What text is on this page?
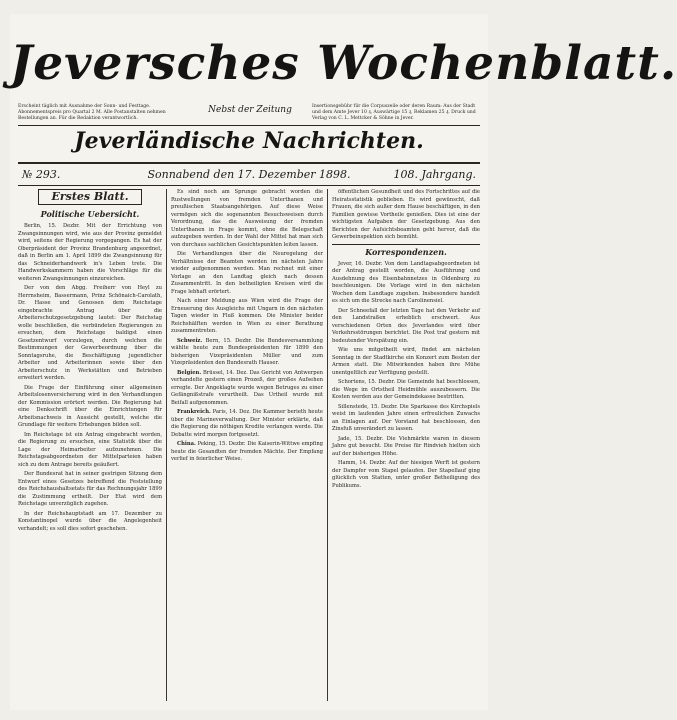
Jeversches Wochenblatt.
Erscheint täglich mit Ausnahme der Sonn- und Festtage. Abonnementspreis pro Quartal 2 M. Alle Postanstalten nehmen Bestellungen an. Für die Redaktion verantwortlich.
Nebst der Zeitung	Insertionsgebühr für die Corpuszeile oder deren Raum: Aus der Stadt und dem Amte Jever 10 ₰, Auswärtige 15 ₰, Reklamen 25 ₰. Druck und Verlag von C. L. Mettcker & Söhne in Jever.
Jeverländische Nachrichten.
№ 293.	Sonnabend den 17. Dezember 1898.	108. Jahrgang.
Erstes Blatt.
Politische Uebersicht.

Berlin, 15. Dezbr. Mit der Errichtung von Zwangsinnungen wird, wie aus der Provinz gemeldet wird, seitens der Regierung vorgegangen. Es hat der Oberpräsident der Provinz Brandenburg angeordnet, daß in Berlin am 1. April 1899 die Zwangsinnung für das Schneiderhandwerk in's Leben trete. Die Handwerkskammern haben die Vorschläge für die weiteren Zwangsinnungen einzureichen.

Der von den Abgg. Freiherr von Heyl zu Herrnsheim, Bassermann, Prinz Schönaich-Carolath, Dr. Hasse und Genossen dem Reichstage eingebrachte Antrag über die Arbeiterschutzgesetzgebung lautet: Der Reichstag wolle beschließen, die verbündeten Regierungen zu ersuchen, dem Reichstage baldigst einen Gesetzentwurf vorzulegen, durch welchen die Bestimmungen der Gewerbeordnung über die Sonntagsruhe, die Beschäftigung jugendlicher Arbeiter und Arbeiterinnen sowie über den Arbeiterschutz in Werkstätten und Betrieben erweitert werden.

Die Frage der Einführung einer allgemeinen Arbeitslosenversicherung wird in den Verhandlungen der Kommission erörtert werden. Die Regierung hat eine Denkschrift über die Einrichtungen für Arbeitsnachweis in Aussicht gestellt, welche die Grundlage für weitere Erhebungen bilden soll.

Im Reichstage ist ein Antrag eingebracht worden, die Regierung zu ersuchen, eine Statistik über die Lage der Heimarbeiter aufzunehmen. Die Reichstagsabgeordneten der Mittelparteien haben sich zu dem Antrage bereits geäußert.

Der Bundesrat hat in seiner gestrigen Sitzung dem Entwurf eines Gesetzes betreffend die Feststellung des Reichshaushaltsetats für das Rechnungsjahr 1899 die Zustimmung ertheilt. Der Etat wird dem Reichstage unverzüglich zugehen.

In der Reichshauptstadt am 17. Dezember zu Konstantinopel wurde über die Angelegenheit verhandelt; es soll dies sofort geschehen.

Es sind noch am Sprunge gebracht worden die Rustwellungen von fremden Unterthanen und preußischen Staatsangehörigen. Auf diese Weise vermögen sich die sogenannten Besuchsweisen durch Verordnung, das die Ausweisung der fremden Unterthanen in Frage kommt, ohne die Belegschaft aufzugeben werden. In der Wahl der Mittel hat man sich von durchaus sachlichen Gesichtspunkten leiten lassen.

Die Verhandlungen über die Neuregelung der Verhältnisse der Beamten werden im nächsten Jahre wieder aufgenommen werden. Man rechnet mit einer Vorlage an den Landtag gleich nach dessen Zusammentritt. In den betheiligten Kreisen wird die Frage lebhaft erörtert.

Nach einer Meldung aus Wien wird die Frage der Erneuerung des Ausgleichs mit Ungarn in den nächsten Tagen wieder in Fluß kommen. Die Minister beider Reichshälften werden in Wien zu einer Berathung zusammentreten.

Schweiz. Bern, 15. Dezbr. Die Bundesversammlung wählte heute zum Bundespräsidenten für 1899 den bisherigen Vizepräsidenten Müller und zum Vizepräsidenten den Bundesrath Hauser.

Belgien. Brüssel, 14. Dez. Das Gericht von Antwerpen verhandelte gestern einen Prozeß, der großes Aufsehen erregte. Der Angeklagte wurde wegen Betruges zu einer Gefängnißstrafe verurtheilt. Das Urtheil wurde mit Beifall aufgenommen.

Frankreich. Paris, 14. Dez. Die Kammer berieth heute über die Marineverwaltung. Der Minister erklärte, daß die Regierung die nöthigen Kredite verlangen werde. Die Debatte wird morgen fortgesetzt.

China. Peking, 15. Dezbr. Die Kaiserin-Wittwe empfing heute die Gesandten der fremden Mächte. Der Empfang verlief in feierlicher Weise.

öffentlichen Gesundheit und des Fortschrittes auf die Heiratsstatistik geblieben. Es wird gewünscht, daß Frauen, die sich außer dem Hause beschäftigen, in den Familien gewisse Vortheile genießen. Dies ist eine der wichtigsten Aufgaben der Gesetzgebung. Aus den Berichten der Aufsichtsbeamten geht hervor, daß die Gewerbeinspektion sich bemüht.

Korrespondenzen.

Jever, 16. Dezbr. Von dem Landtagsabgeordneten ist der Antrag gestellt worden, die Ausführung und Ausdehnung des Eisenbahnnetzes in Oldenburg zu beschleunigen. Die Vorlage wird in den nächsten Wochen dem Landtage zugehen. Insbesondere handelt es sich um die Strecke nach Carolinensiel.

Der Schneefall der letzten Tage hat den Verkehr auf den Landstraßen erheblich erschwert. Aus verschiedenen Orten des Jeverlandes wird über Verkehrsstörungen berichtet. Die Post traf gestern mit bedeutender Verspätung ein.

Wie uns mitgetheilt wird, findet am nächsten Sonntag in der Stadtkirche ein Konzert zum Besten der Armen statt. Die Mitwirkenden haben ihre Mühe unentgeltlich zur Verfügung gestellt.

Schortens, 15. Dezbr. Die Gemeinde hat beschlossen, die Wege im Ortstheil Heidmühle auszubessern. Die Kosten werden aus der Gemeindekasse bestritten.

Sillenstede, 15. Dezbr. Die Sparkasse des Kirchspiels weist im laufenden Jahre einen erfreulichen Zuwachs an Einlagen auf. Der Vorstand hat beschlossen, den Zinsfuß unverändert zu lassen.

Jade, 15. Dezbr. Die Viehmärkte waren in diesem Jahre gut besucht. Die Preise für Rindvieh hielten sich auf der bisherigen Höhe.

Hamm, 14. Dezbr. Auf der hiesigen Werft ist gestern der Dampfer vom Stapel gelaufen. Der Stapellauf ging glücklich von Statten, unter großer Betheiligung des Publikums.
